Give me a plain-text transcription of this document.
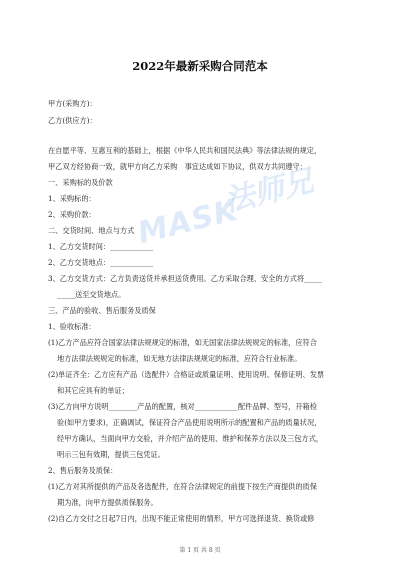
2022年最新采购合同范本
甲方(采购方)：
乙方(供应方)：
在自愿平等、互惠互利的基础上，根据《中华人民共和国民法典》等法律法规的规定，
甲乙双方经协商一致，就甲方向乙方采购　事宜达成如下协议，供双方共同遵守：
一、采购标的及价款
1、采购标的：
2、采购价款：
二、交货时间、地点与方式
1、乙方交货时间：____________
2、乙方交货地点：____________
3、乙方交货方式：乙方负责送货并承担送货费用。乙方采取合理、安全的方式将_____
_____送至交货地点。
三、产品的验收、售后服务及质保
1、验收标准：
(1)乙方产品应符合国家法律法规规定的标准，如无国家法律法规规定的标准，应符合
地方法律法规规定的标准，如无地方法律法规规定的标准，应符合行业标准。
(2)单证齐全：乙方应有产品（选配件）合格证或质量证明、使用说明、保修证明、发票
和其它应具有的单证；
(3)乙方向甲方说明________产品的配置，核对____________配件品牌、型号，开箱检
验(如甲方要求)，正确调试，保证符合产品使用说明所示的配置和产品的质量状况，
经甲方确认，当面向甲方交验，并介绍产品的使用、维护和保养方法以及三包方式，
明示三包有效期，提供三包凭证。
2、售后服务及质保：
(1)乙方对其所提供的产品及各选配件，在符合法律规定的前提下按生产商提供的质保
期为准，向甲方提供质保服务。
(2)自乙方交付之日起7日内，出现不能正常使用的情形，甲方可选择退货、换货或修
MASK
法师兄
第 1 页 共 8 页
